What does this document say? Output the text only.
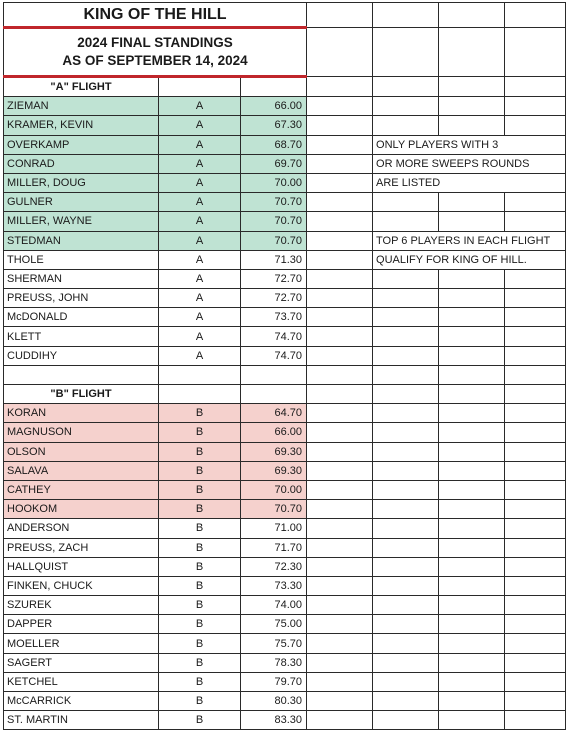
KING OF THE HILL							

2024 FINAL STANDINGS
AS OF SEPTEMBER 14, 2024							

"A" FLIGHT							
ZIEMAN	A	66.00					
KRAMER, KEVIN	A	67.30					
OVERKAMP	A	68.70		ONLY PLAYERS WITH 3			
CONRAD	A	69.70		OR MORE SWEEPS ROUNDS			
MILLER, DOUG	A	70.00		ARE LISTED			
GULNER	A	70.70					
MILLER, WAYNE	A	70.70					
STEDMAN	A	70.70		TOP 6 PLAYERS IN EACH FLIGHT			
THOLE	A	71.30		QUALIFY FOR KING OF HILL.			
SHERMAN	A	72.70					
PREUSS, JOHN	A	72.70					
McDONALD	A	73.70					
KLETT	A	74.70					
CUDDIHY	A	74.70					

"B" FLIGHT							
KORAN	B	64.70					
MAGNUSON	B	66.00					
OLSON	B	69.30					
SALAVA	B	69.30					
CATHEY	B	70.00					
HOOKOM	B	70.70					
ANDERSON	B	71.00					
PREUSS, ZACH	B	71.70					
HALLQUIST	B	72.30					
FINKEN, CHUCK	B	73.30					
SZUREK	B	74.00					
DAPPER	B	75.00					
MOELLER	B	75.70					
SAGERT	B	78.30					
KETCHEL	B	79.70					
McCARRICK	B	80.30					
ST. MARTIN	B	83.30					
